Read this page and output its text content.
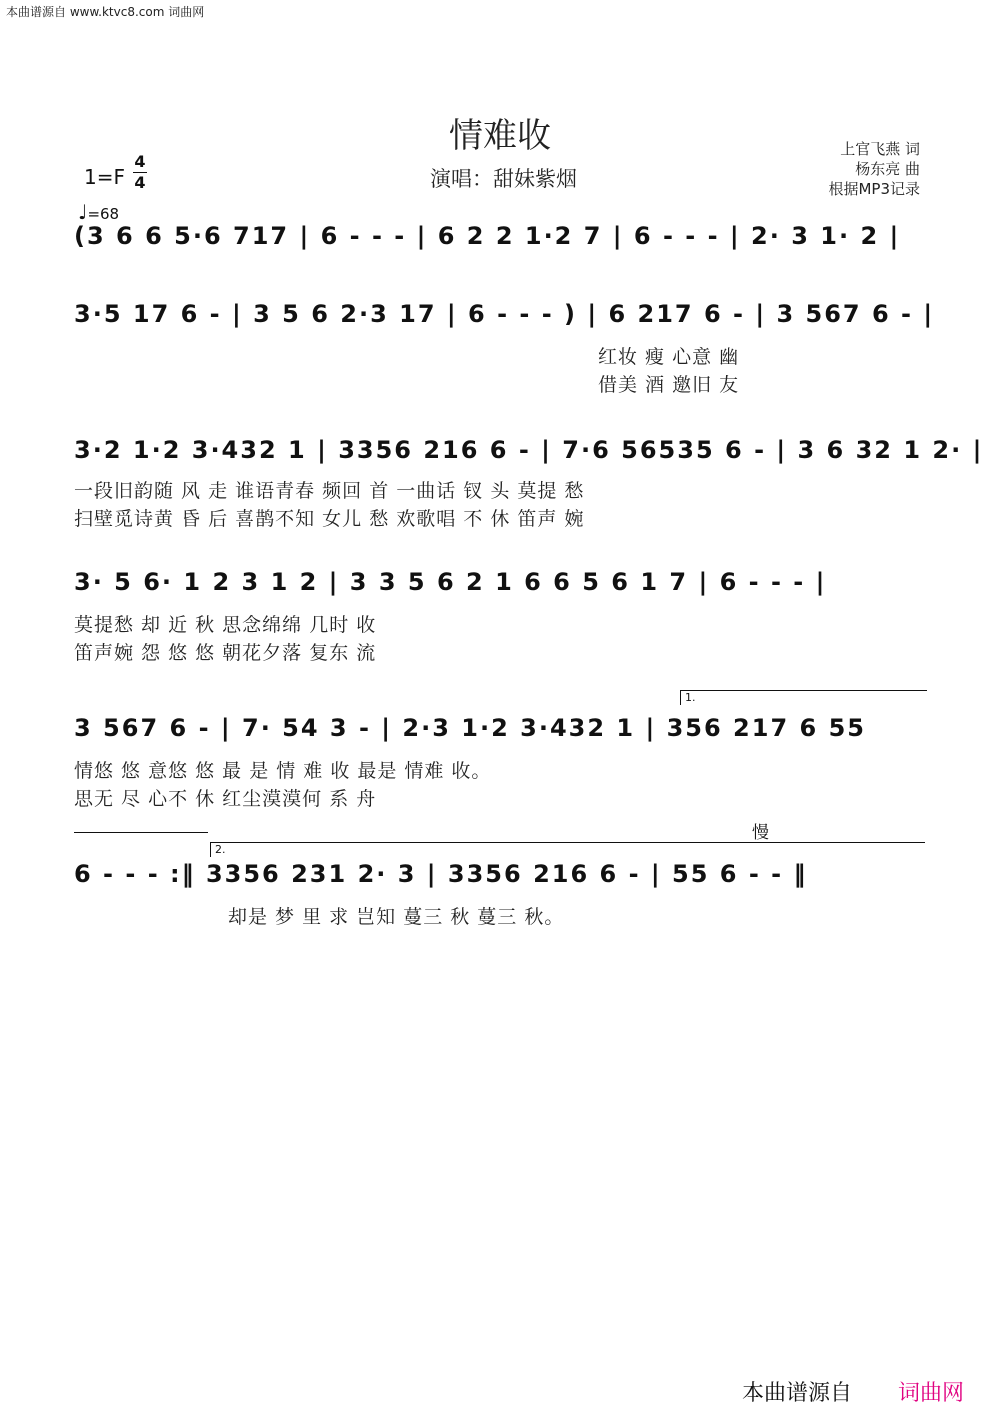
本曲谱源自 www.ktvc8.com 词曲网
情难收
演唱：甜妹紫烟
上官飞燕 词
杨东亮 曲
根据MP3记录
1=F
4
4
♩=68
(3 6 6 5·6 717 | 6 - - - | 6 2 2 1·2 7 | 6 - - - | 2· 3 1· 2 |
3·5 17 6 - | 3 5 6 2·3 17 | 6 - - - ) | 6 217 6 - | 3 567 6 - |
红妆 瘦 心意 幽
借美 酒 邀旧 友
3·2 1·2 3·432 1 | 3356 216 6 - | 7·6 56535 6 - | 3 6 32 1 2· |
一段旧韵随 风 走 谁语青春 频回 首 一曲话 钗 头 莫提 愁
扫壁觅诗黄 昏 后 喜鹊不知 女儿 愁 欢歌唱 不 休 笛声 婉
3· 5 6· 1 2 3 1 2 | 3 3 5 6 2 1 6 6 5 6 1 7 | 6 - - - |
莫提愁 却 近 秋 思念绵绵 几时 收
笛声婉 怨 悠 悠 朝花夕落 复东 流
1.
3 567 6 - | 7· 54 3 - | 2·3 1·2 3·432 1 | 356 217 6 55
情悠 悠 意悠 悠 最 是 情 难 收 最是 情难 收。
思无 尽 心不 休 红尘漠漠何 系 舟
慢
2.
6 - - - :‖ 3356 231 2· 3 | 3356 216 6 - | 55 6 - - ‖
却是 梦 里 求 岂知 蔓三 秋 蔓三 秋。
本曲谱源自 词曲网
